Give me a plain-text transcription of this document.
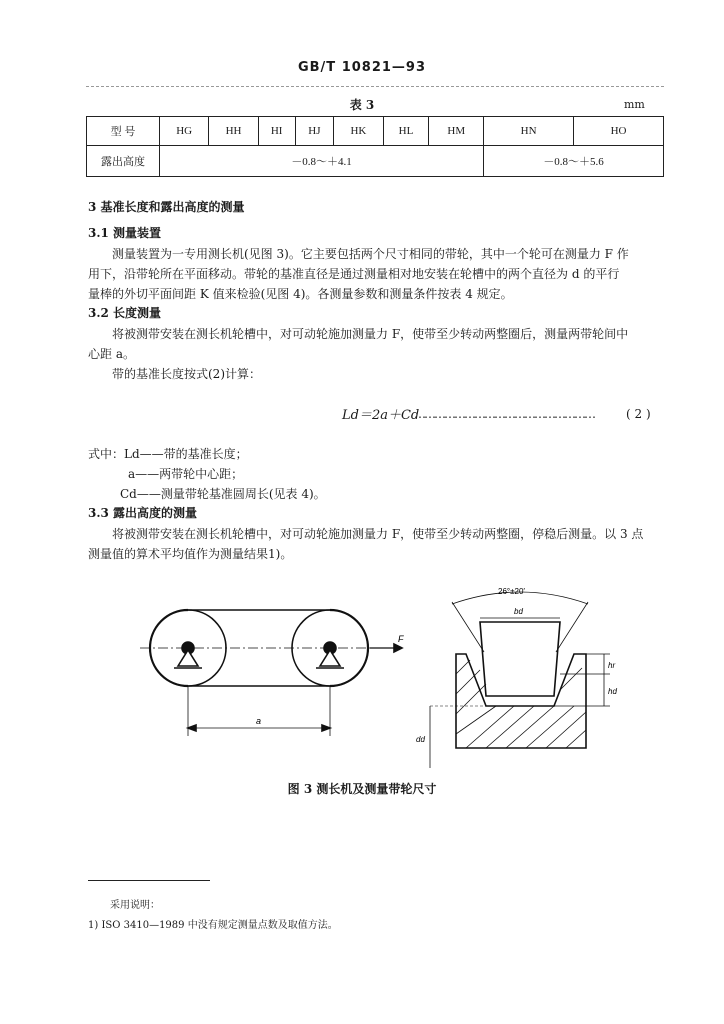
GB/T 10821—93
表 3	mm
型 号	HG	HH	HI	HJ	HK	HL	HM	HN	HO
露出高度	－0.8～＋4.1							－0.8～＋5.6	
3 基准长度和露出高度的测量
3.1 测量装置
测量装置为一专用测长机(见图 3)。它主要包括两个尺寸相同的带轮，其中一个轮可在测量力 F 作
用下，沿带轮所在平面移动。带轮的基准直径是通过测量相对地安装在轮槽中的两个直径为 d 的平行
量棒的外切平面间距 K 值来检验(见图 4)。各测量参数和测量条件按表 4 规定。
3.2 长度测量
将被测带安装在测长机轮槽中，对可动轮施加测量力 F，使带至少转动两整圈后，测量两带轮间中
心距 a。
带的基准长度按式(2)计算：
Ld＝2a＋Cd
………………………………………………	( 2 )
式中：Ld——带的基准长度；
a——两带轮中心距；
Cd——测量带轮基准圆周长(见表 4)。
3.3 露出高度的测量
将被测带安装在测长机轮槽中，对可动轮施加测量力 F，使带至少转动两整圈，停稳后测量。以 3 点
测量值的算术平均值作为测量结果1)。
F
a
26°±20′
bd
hr
hd
dd
图 3 测长机及测量带轮尺寸
采用说明：
1) ISO 3410—1989 中没有规定测量点数及取值方法。
